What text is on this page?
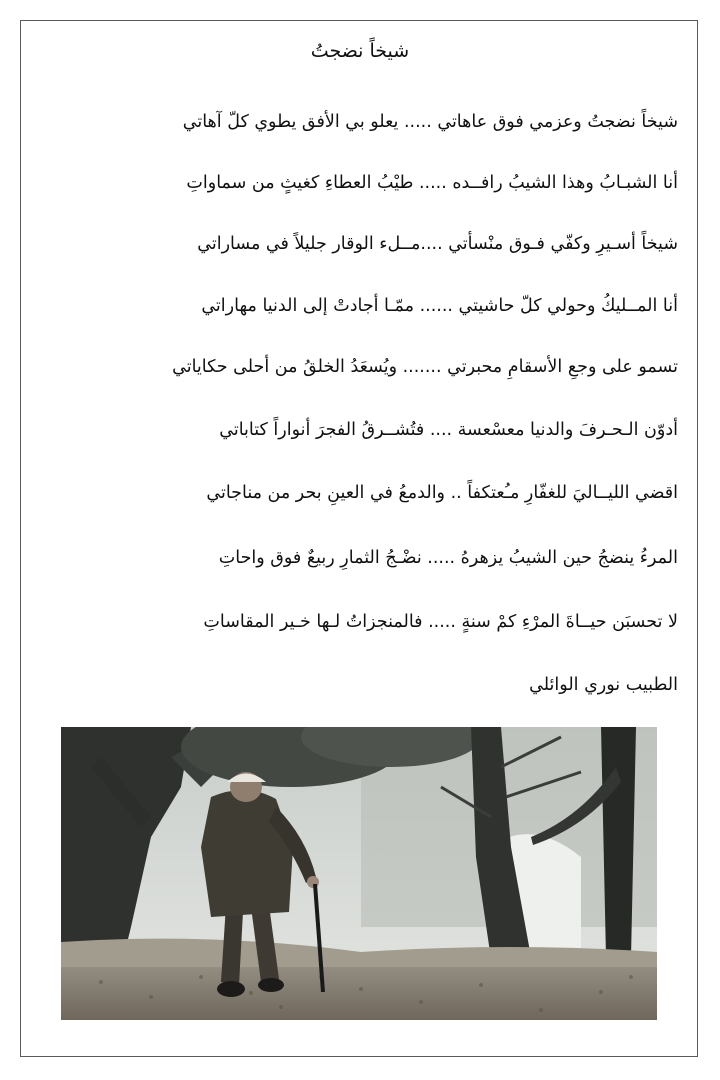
شيخاً نضجتُ
شيخاً نضجتُ وعزمي فوق عاهاتي ..... يعلو بي الأفق يطوي كلّ آهاتي
أنا الشبـابُ وهذا الشيبُ رافــده ..... طيْبُ العطاءِ كغيثٍ من سماواتِ
شيخاً أسـيرِ وكفّي فـوق منْسأتي ....مــلء الوقار جليلاً في مساراتي
أنا المــليكُ وحولي كلّ حاشيتي ...... ممّـا أجادتْ إلى الدنيا مهاراتي
تسمو على وجعِ الأسقامِ محبرتي ....... ويُسعَدُ الخلقُ من أحلى حكاياتي
أدوّن الـحـرفَ والدنيا معسْعسة .... فتُشــرقُ الفجرَ أنواراً كتاباتي
اقضي الليــاليَ للغفّارِ مـُعتكفاً .. والدمعُ في العينِ بحر من مناجاتي
المرءُ ينضجُ حين الشيبُ يزهرهُ ..... نضْـجُ الثمارِ ربيعٌ فوق واحاتِ
لا تحسبَن حيــاةَ المرْءِ كمْ سنةٍ ..... فالمنجزاتُ لـها خـير المقاساتِ
الطبيب نوري الوائلي
